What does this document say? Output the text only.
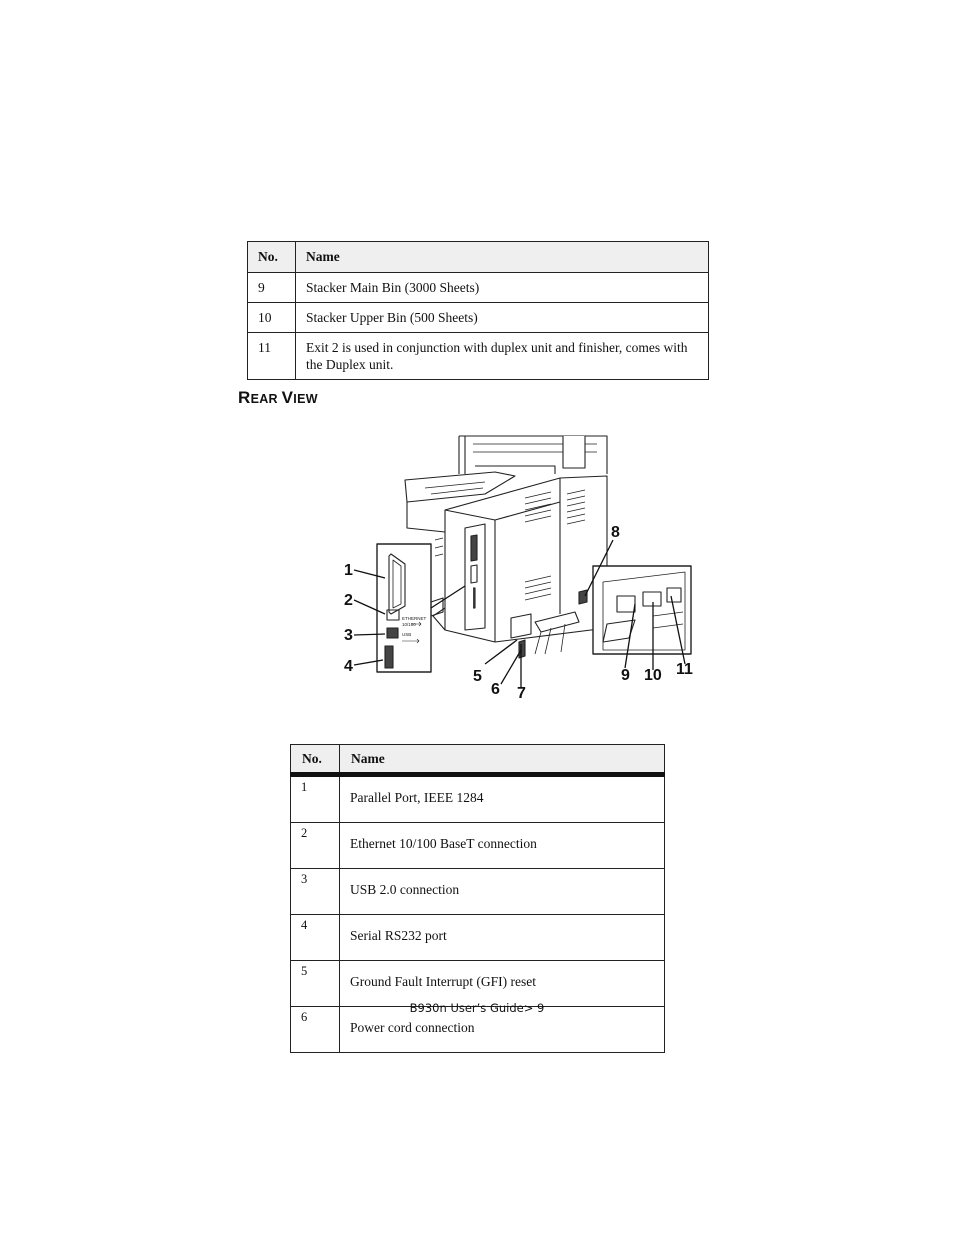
No.	Name
9	Stacker Main Bin (3000 Sheets)
10	Stacker Upper Bin (500 Sheets)
11	Exit 2 is used in conjunction with duplex unit and finisher, comes with the Duplex unit.
REAR VIEW
1
2
3
4
5
6 7
8
9 10 11
ETHERNET
10/100
USB
No.	Name
1	Parallel Port, IEEE 1284
2	Ethernet 10/100 BaseT connection
3	USB 2.0 connection
4	Serial RS232 port
5	Ground Fault Interrupt (GFI) reset
6	Power cord connection
B930n User’s Guide> 9
